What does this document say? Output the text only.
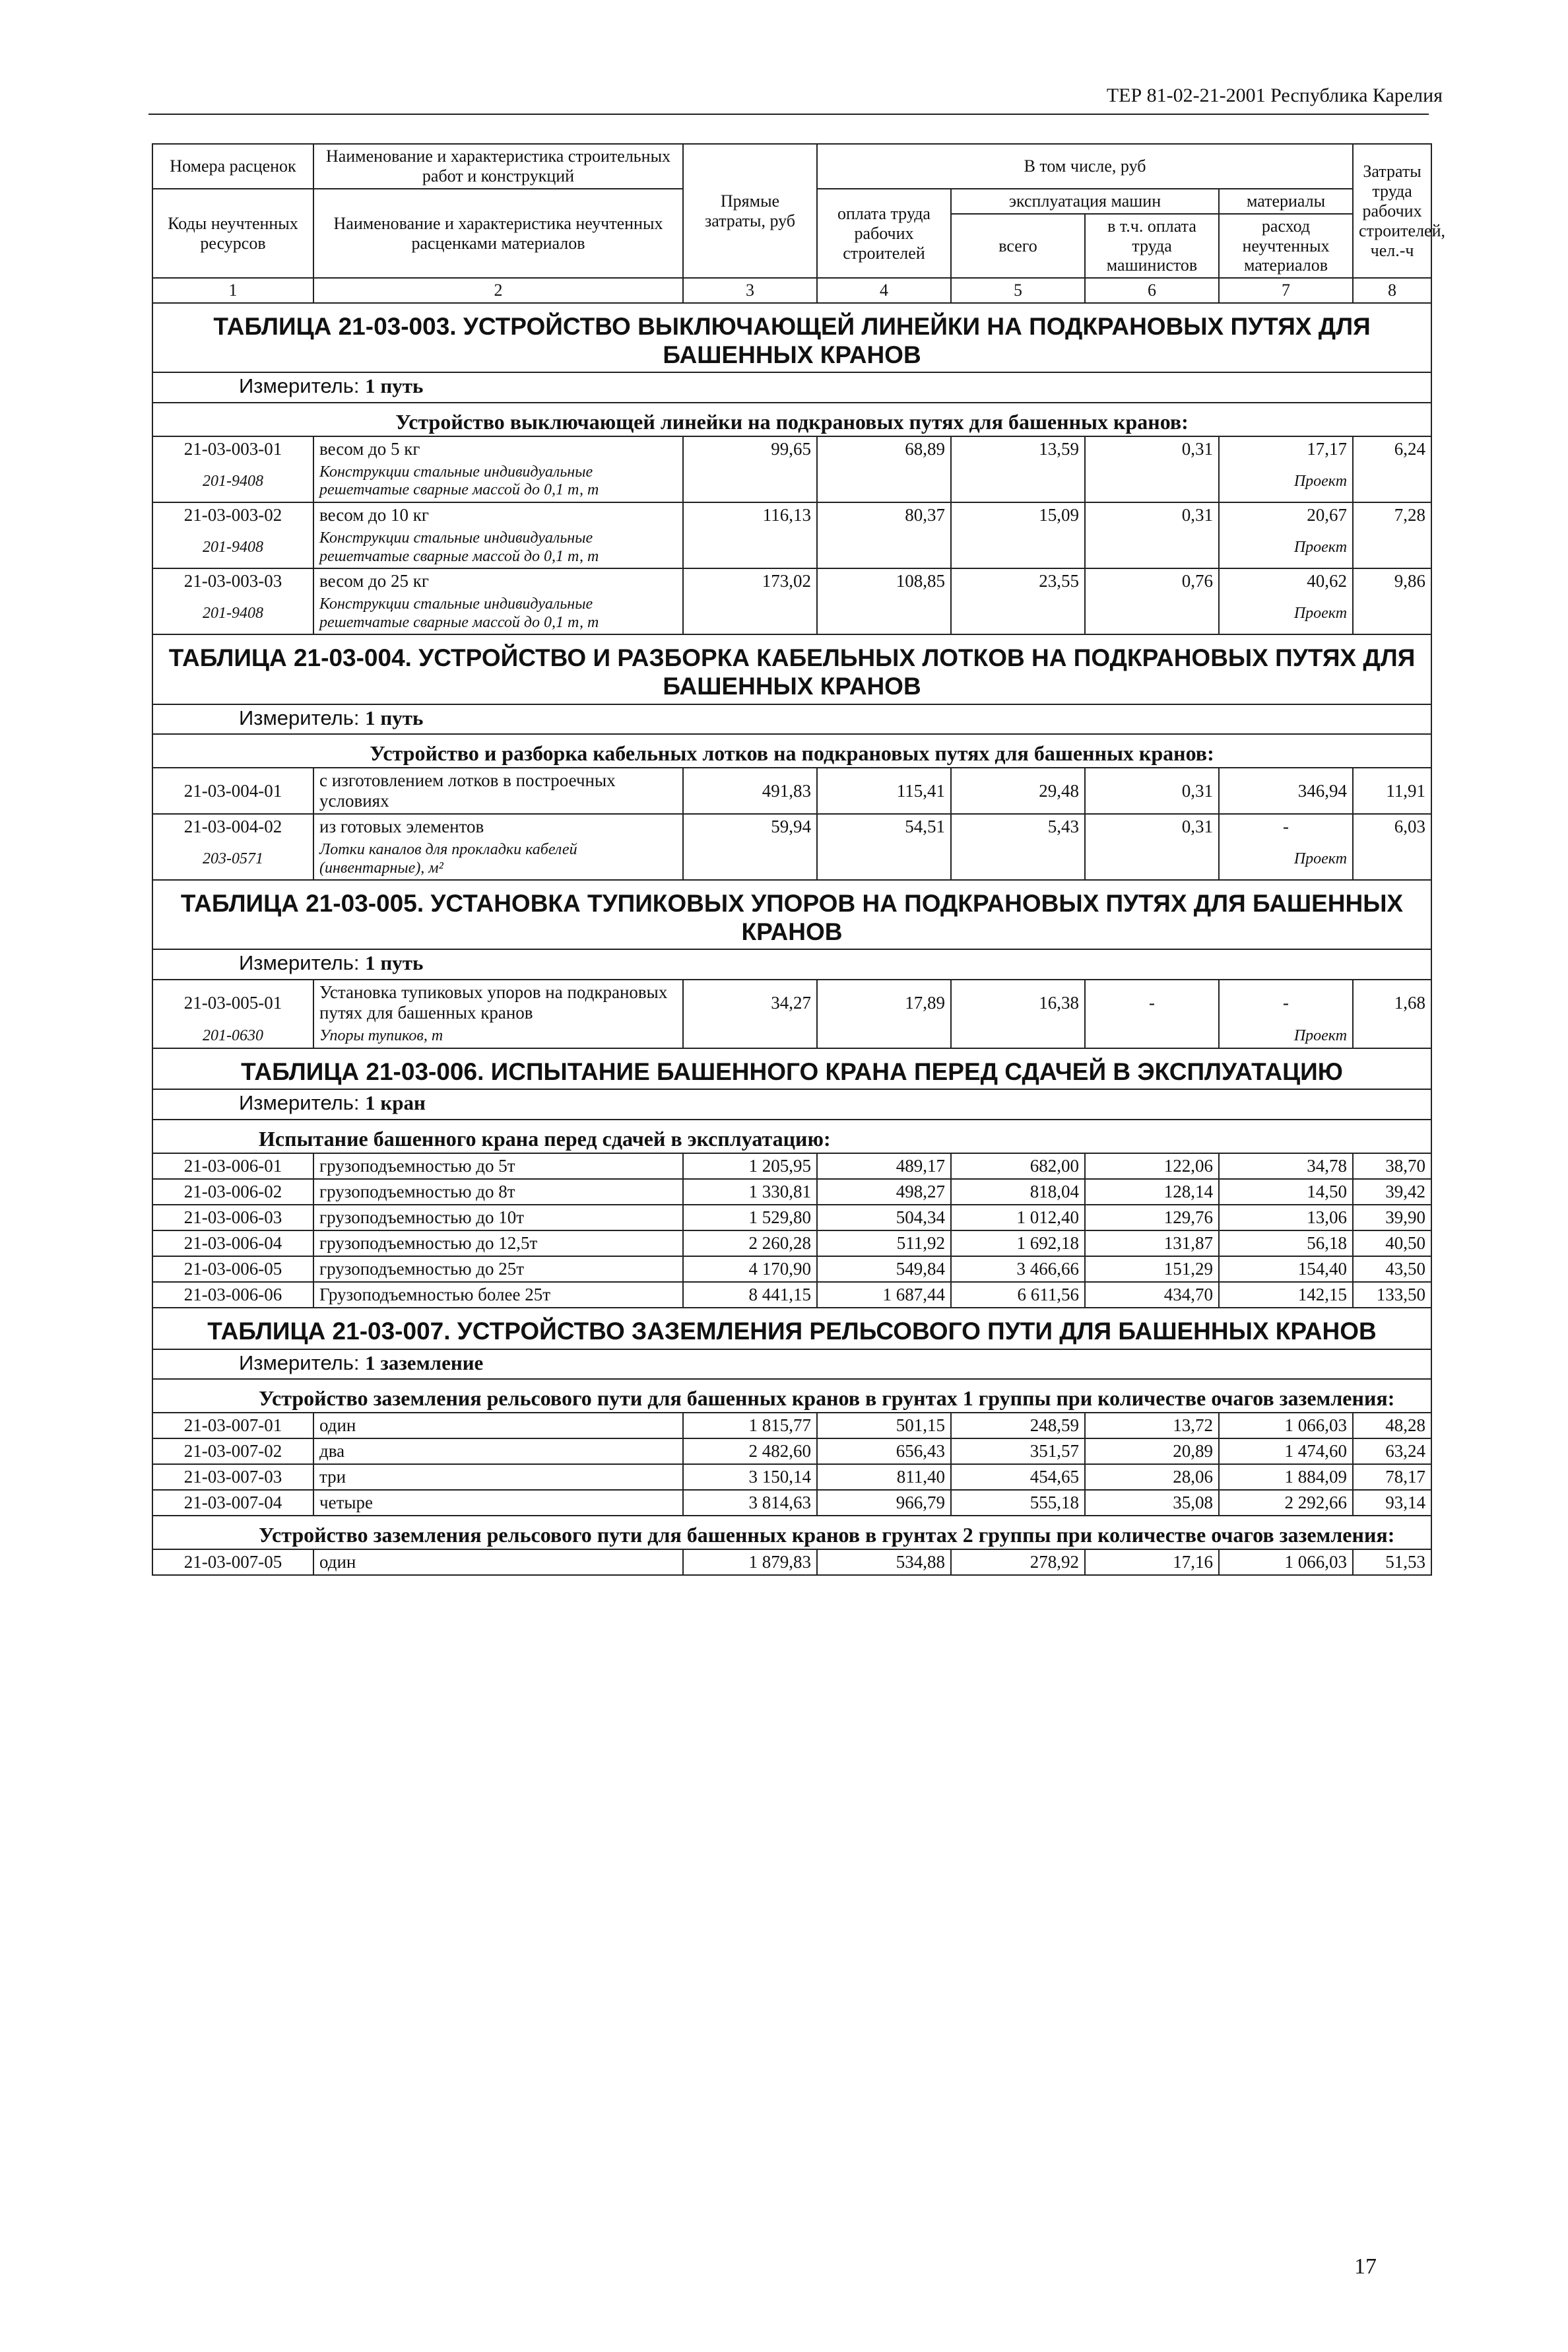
ТЕР 81-02-21-2001 Республика Карелия
Номера расценок	Наименование и характеристика строительных работ и конструкций	Прямые затраты, руб	В том числе, руб				Затраты труда рабочих строителей, чел.-ч
Коды неучтенных ресурсов	Наименование и характеристика неучтенных расценками материалов		оплата труда рабочих строителей	эксплуатация машин		материалы	
				всего	в т.ч. оплата труда машинистов	расход неучтенных материалов	
1	2	3	4	5	6	7	8

ТАБЛИЦА 21-03-003. УСТРОЙСТВО ВЫКЛЮЧАЮЩЕЙ ЛИНЕЙКИ НА ПОДКРАНОВЫХ ПУТЯХ ДЛЯ БАШЕННЫХ КРАНОВ							

Измеритель: 1 путь							
Устройство выключающей линейки на подкрановых путях для башенных кранов:							
21-03-003-01	весом до 5 кг	99,65	68,89	13,59	0,31	17,17	6,24
201-9408	Конструкции стальные индивидуальные решетчатые сварные массой до 0,1 т, т					Проект	
21-03-003-02	весом до 10 кг	116,13	80,37	15,09	0,31	20,67	7,28
201-9408	Конструкции стальные индивидуальные решетчатые сварные массой до 0,1 т, т					Проект	
21-03-003-03	весом до 25 кг	173,02	108,85	23,55	0,76	40,62	9,86
201-9408	Конструкции стальные индивидуальные решетчатые сварные массой до 0,1 т, т					Проект	

ТАБЛИЦА 21-03-004. УСТРОЙСТВО И РАЗБОРКА КАБЕЛЬНЫХ ЛОТКОВ НА ПОДКРАНОВЫХ ПУТЯХ ДЛЯ БАШЕННЫХ КРАНОВ							

Измеритель: 1 путь							
Устройство и разборка кабельных лотков на подкрановых путях для башенных кранов:							
21-03-004-01	с изготовлением лотков в построечных условиях	491,83	115,41	29,48	0,31	346,94	11,91
21-03-004-02	из готовых элементов	59,94	54,51	5,43	0,31	-	6,03
203-0571	Лотки каналов для прокладки кабелей (инвентарные), м²					Проект	

ТАБЛИЦА 21-03-005. УСТАНОВКА ТУПИКОВЫХ УПОРОВ НА ПОДКРАНОВЫХ ПУТЯХ ДЛЯ БАШЕННЫХ КРАНОВ							

Измеритель: 1 путь							
21-03-005-01	Установка тупиковых упоров на подкрановых путях для башенных кранов	34,27	17,89	16,38	-	-	1,68
201-0630	Упоры тупиков, т					Проект	

ТАБЛИЦА 21-03-006. ИСПЫТАНИЕ БАШЕННОГО КРАНА ПЕРЕД СДАЧЕЙ В ЭКСПЛУАТАЦИЮ							

Измеритель: 1 кран							
Испытание башенного крана перед сдачей в эксплуатацию:							
21-03-006-01	грузоподъемностью до 5т	1 205,95	489,17	682,00	122,06	34,78	38,70
21-03-006-02	грузоподъемностью до 8т	1 330,81	498,27	818,04	128,14	14,50	39,42
21-03-006-03	грузоподъемностью до 10т	1 529,80	504,34	1 012,40	129,76	13,06	39,90
21-03-006-04	грузоподъемностью до 12,5т	2 260,28	511,92	1 692,18	131,87	56,18	40,50
21-03-006-05	грузоподъемностью до 25т	4 170,90	549,84	3 466,66	151,29	154,40	43,50
21-03-006-06	Грузоподъемностью более 25т	8 441,15	1 687,44	6 611,56	434,70	142,15	133,50

ТАБЛИЦА 21-03-007. УСТРОЙСТВО ЗАЗЕМЛЕНИЯ РЕЛЬСОВОГО ПУТИ ДЛЯ БАШЕННЫХ КРАНОВ							

Измеритель: 1 заземление							
Устройство заземления рельсового пути для башенных кранов в грунтах 1 группы при количестве очагов заземления:							
21-03-007-01	один	1 815,77	501,15	248,59	13,72	1 066,03	48,28
21-03-007-02	два	2 482,60	656,43	351,57	20,89	1 474,60	63,24
21-03-007-03	три	3 150,14	811,40	454,65	28,06	1 884,09	78,17
21-03-007-04	четыре	3 814,63	966,79	555,18	35,08	2 292,66	93,14
Устройство заземления рельсового пути для башенных кранов в грунтах 2 группы при количестве очагов заземления:							
21-03-007-05	один	1 879,83	534,88	278,92	17,16	1 066,03	51,53
17
